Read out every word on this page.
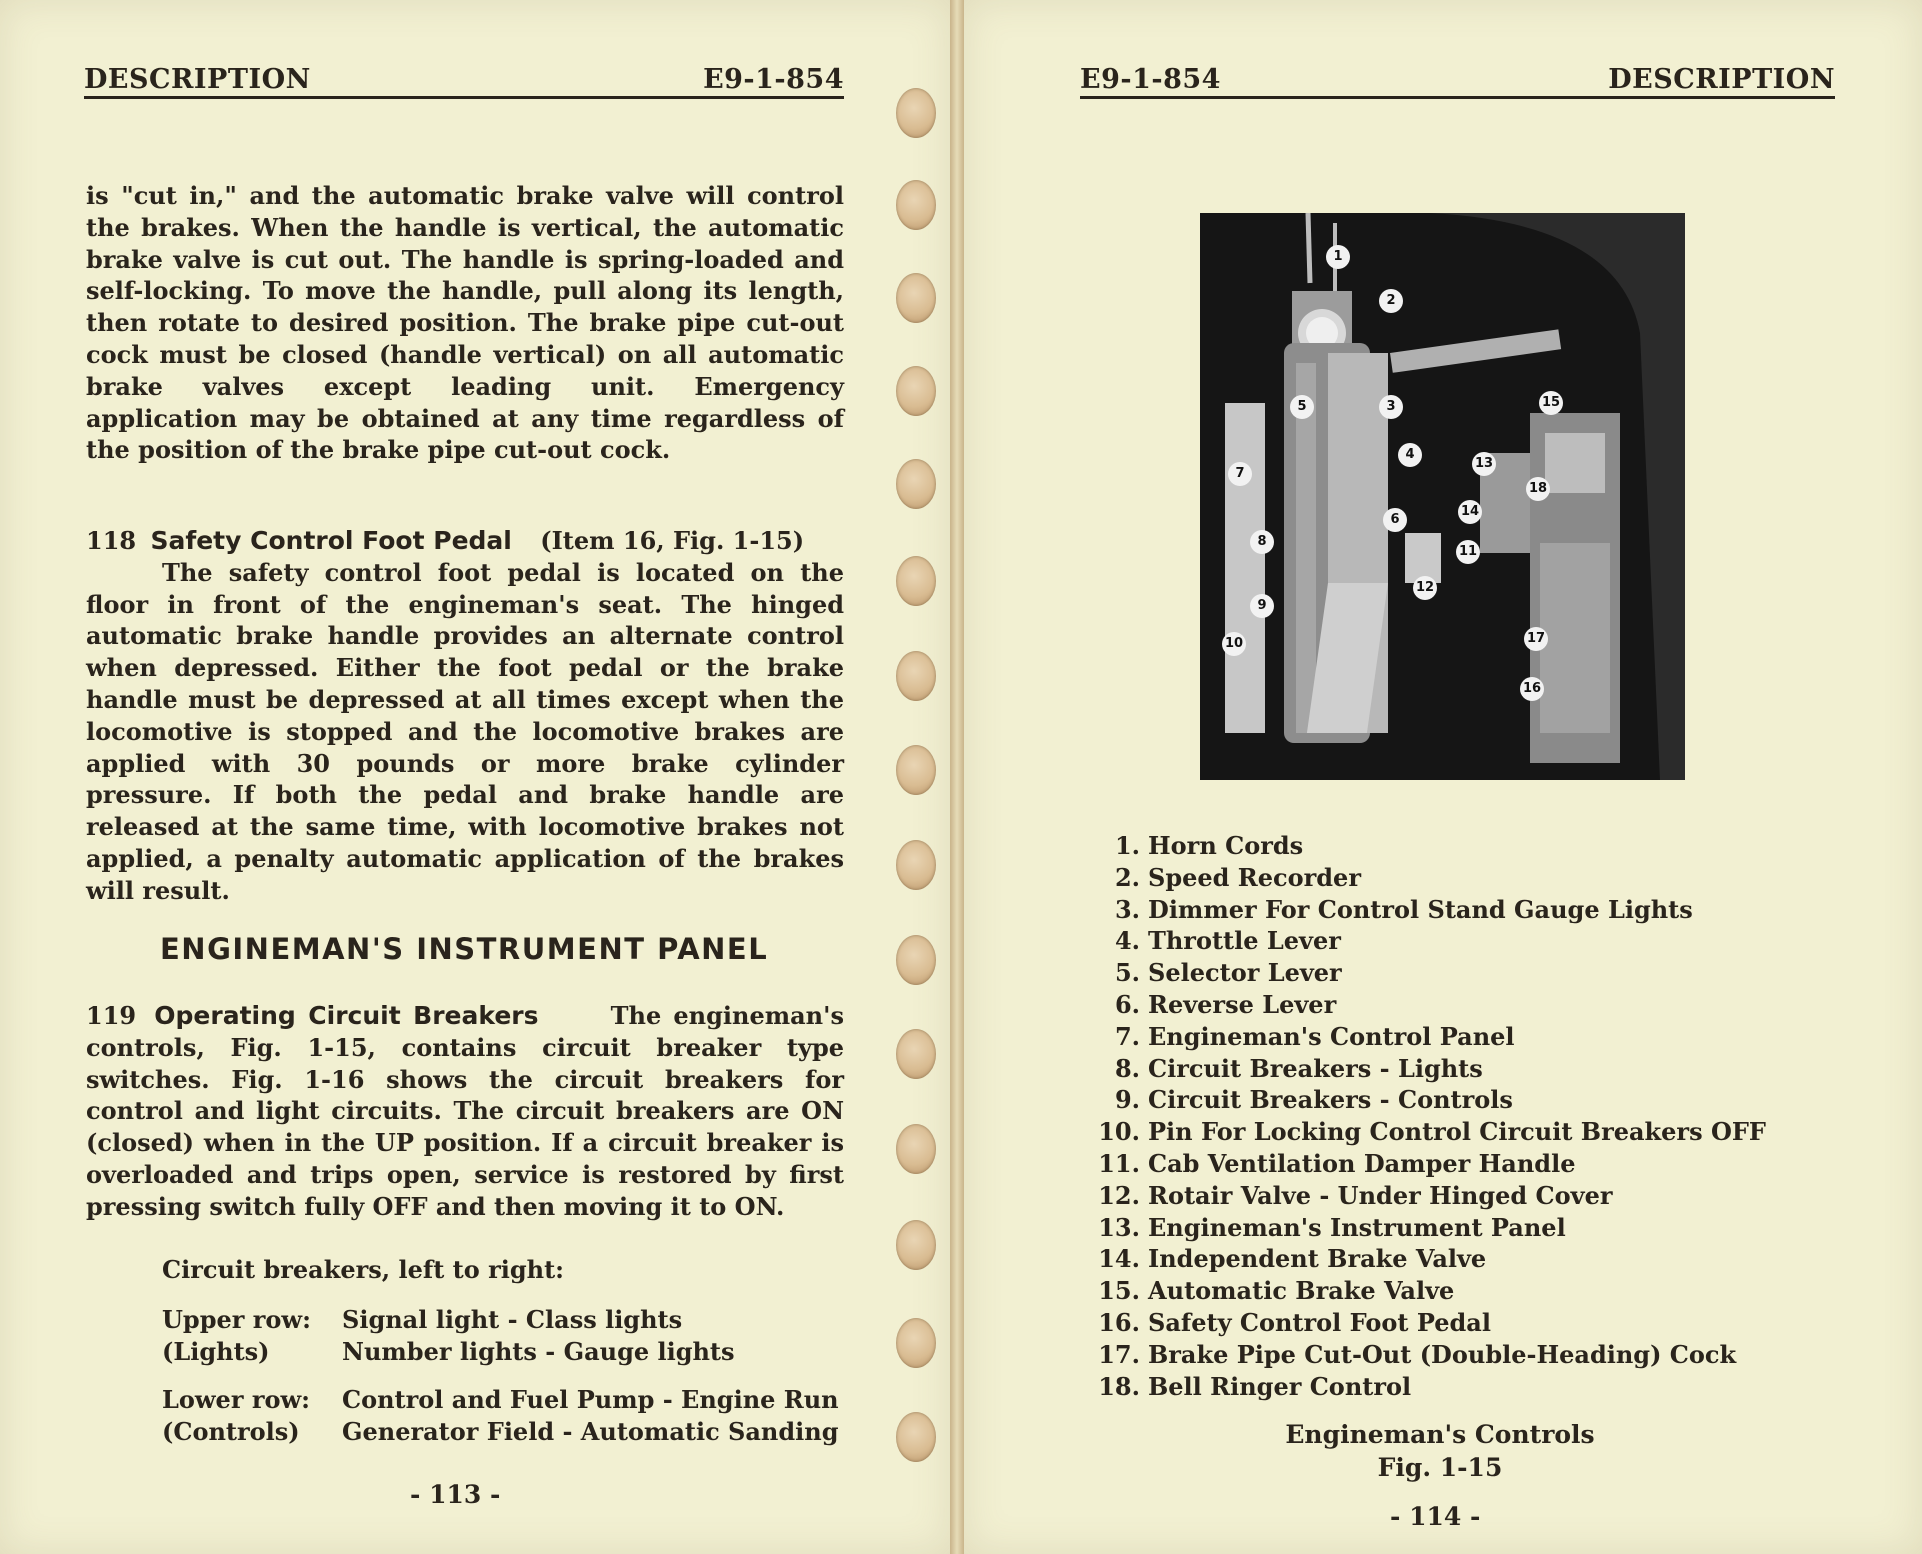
DESCRIPTION	E9-1-854

is "cut in," and the automatic brake valve will control the brakes. When the handle is vertical, the automatic brake valve is cut out. The handle is spring-loaded and self-locking. To move the handle, pull along its length, then rotate to desired position. The brake pipe cut-out cock must be closed (handle vertical) on all automatic brake valves except leading unit. Emergency application may be obtained at any time regardless of the position of the brake pipe cut-out cock.

118 Safety Control Foot Pedal (Item 16, Fig. 1-15)

The safety control foot pedal is located on the floor in front of the engineman's seat. The hinged automatic brake handle provides an alternate control when depressed. Either the foot pedal or the brake handle must be depressed at all times except when the locomotive is stopped and the locomotive brakes are applied with 30 pounds or more brake cylinder pressure. If both the pedal and brake handle are released at the same time, with locomotive brakes not applied, a penalty automatic application of the brakes will result.

ENGINEMAN'S INSTRUMENT PANEL

119 Operating Circuit Breakers	The engineman's controls, Fig. 1-15, contains circuit breaker type switches. Fig. 1-16 shows the circuit breakers for control and light circuits. The circuit breakers are ON (closed) when in the UP position. If a circuit breaker is overloaded and trips open, service is restored by first pressing switch fully OFF and then moving it to ON.

Circuit breakers, left to right:
Upper row:	Signal light - Class lights
(Lights)	Number lights - Gauge lights
Lower row:	Control and Fuel Pump - Engine Run
(Controls)	Generator Field - Automatic Sanding
- 113 -
E9-1-854	DESCRIPTION
1
2
3
4
5
6
7
8
9
10
11
12
13
14
15
16
17
18
1. Horn Cords
2. Speed Recorder
3. Dimmer For Control Stand Gauge Lights
4. Throttle Lever
5. Selector Lever
6. Reverse Lever
7. Engineman's Control Panel
8. Circuit Breakers - Lights
9. Circuit Breakers - Controls
10. Pin For Locking Control Circuit Breakers OFF
11. Cab Ventilation Damper Handle
12. Rotair Valve - Under Hinged Cover
13. Engineman's Instrument Panel
14. Independent Brake Valve
15. Automatic Brake Valve
16. Safety Control Foot Pedal
17. Brake Pipe Cut-Out (Double-Heading) Cock
18. Bell Ringer Control
Engineman's Controls
Fig. 1-15
- 114 -
